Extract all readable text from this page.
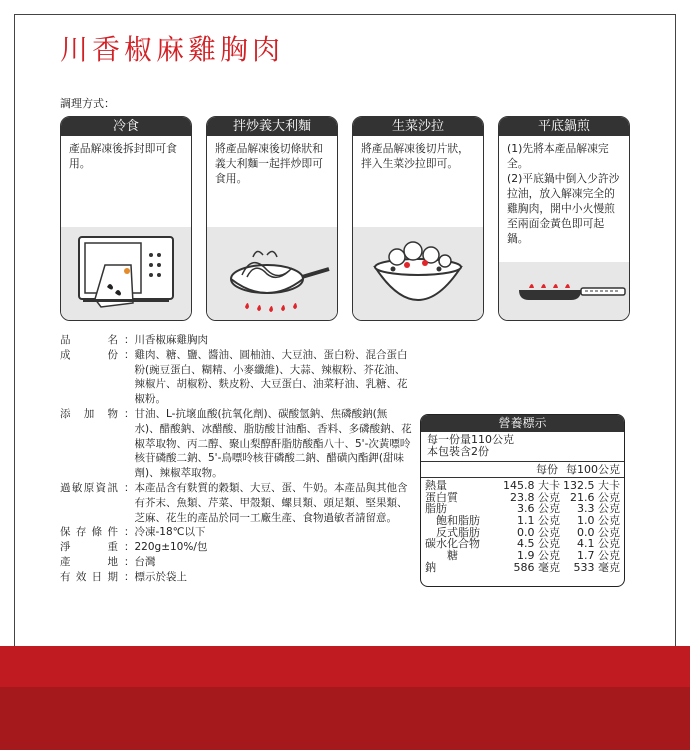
川香椒麻雞胸肉
調理方式：
冷食
產品解凍後拆封即可食用。
拌炒義大利麵
將產品解凍後切條狀和義大利麵一起拌炒即可食用。
生菜沙拉
將產品解凍後切片狀，拌入生菜沙拉即可。
平底鍋煎
(1)先將本產品解凍完全。
(2)平底鍋中倒入少許沙拉油，放入解凍完全的雞胸肉，開中小火慢煎至兩面金黃色即可起鍋。
品名 ： 川香椒麻雞胸肉
成份 ： 雞肉、糖、鹽、醬油、圓柚油、大豆油、蛋白粉、混合蛋白粉(豌豆蛋白、糊精、小麥纖維)、大蒜、辣椒粉、芥花油、辣椒片、胡椒粉、麩皮粉、大豆蛋白、油菜籽油、乳糖、花椒粉。
添加物 ： 甘油、L-抗壞血酸(抗氧化劑)、碳酸氫鈉、焦磷酸鈉(無水)、醋酸鈉、冰醋酸、脂肪酸甘油酯、香料、多磷酸鈉、花椒萃取物、丙二醇、聚山梨醇酐脂肪酸酯八十、5'-次黃嘌呤核苷磷酸二鈉、5'-鳥嘌呤核苷磷酸二鈉、醋磺內酯鉀(甜味劑)、辣椒萃取物。
過敏原資訊 ： 本產品含有麩質的穀類、大豆、蛋、牛奶。本產品與其他含有芥末、魚類、芹菜、甲殼類、螺貝類、頭足類、堅果類、芝麻、花生的產品於同一工廠生產、食物過敏者請留意。
保存條件 ： 冷凍-18℃以下
淨重 ： 220g±10%/包
產地 ： 台灣
有效日期 ： 標示於袋上
營養標示
每一份量110公克
本包裝含2份
每份 每100公克
熱量	145.8 大卡 132.5 大卡
蛋白質	23.8 公克 21.6 公克
脂肪	3.6 公克	3.3 公克
　飽和脂肪	1.1 公克	1.0 公克
　反式脂肪	0.0 公克	0.0 公克
碳水化合物	4.5 公克	4.1 公克
　　糖	1.9 公克	1.7 公克
鈉	586 毫克	533 毫克
